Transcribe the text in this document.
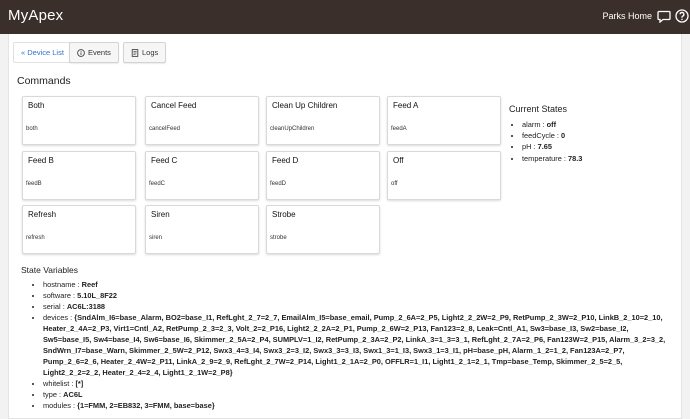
MyApex	Parks Home
« Device List	Events	Logs
Commands
Both
both
Cancel Feed
cancelFeed
Clean Up Children
cleanUpChildren
Feed A
feedA
Feed B
feedB
Feed C
feedC
Feed D
feedD
Off
off
Refresh
refresh
Siren
siren
Strobe
strobe
Current States
• alarm : off
• feedCycle : 0
• pH : 7.65
• temperature : 78.3
State Variables
• hostname : Reef
• software : 5.10L_8F22
• serial : AC6L:3188
• devices : {SndAlm_I6=base_Alarm, BO2=base_I1, RefLght_2_7=2_7, EmailAlm_I5=base_email, Pump_2_6A=2_P5, Light2_2_2W=2_P9, RetPump_2_3W=2_P10, LinkB_2_10=2_10, Heater_2_4A=2_P3, Virt1=Cntl_A2, RetPump_2_3=2_3, Volt_2=2_P16, Light2_2_2A=2_P1, Pump_2_6W=2_P13, Fan123=2_8, Leak=Cntl_A1, Sw3=base_I3, Sw2=base_I2, Sw5=base_I5, Sw4=base_I4, Sw6=base_I6, Skimmer_2_5A=2_P4, SUMPLV=1_I2, RetPump_2_3A=2_P2, LinkA_3=1_3=3_1, RefLght_2_7A=2_P6, Fan123W=2_P15, Alarm_3_2=3_2, SndWrn_I7=base_Warn, Skimmer_2_5W=2_P12, Swx3_4=3_I4, Swx3_2=3_I2, Swx3_3=3_I3, Swx1_3=1_I3, Swx3_1=3_I1, pH=base_pH, Alarm_1_2=1_2, Fan123A=2_P7, Pump_2_6=2_6, Heater_2_4W=2_P11, LinkA_2_9=2_9, RefLght_2_7W=2_P14, Light1_2_1A=2_P0, OFFLR=1_I1, Light1_2_1=2_1, Tmp=base_Temp, Skimmer_2_5=2_5, Light2_2_2=2_2, Heater_2_4=2_4, Light1_2_1W=2_P8}
• whitelist : [*]
• type : AC6L
• modules : {1=FMM, 2=EB832, 3=FMM, base=base}
